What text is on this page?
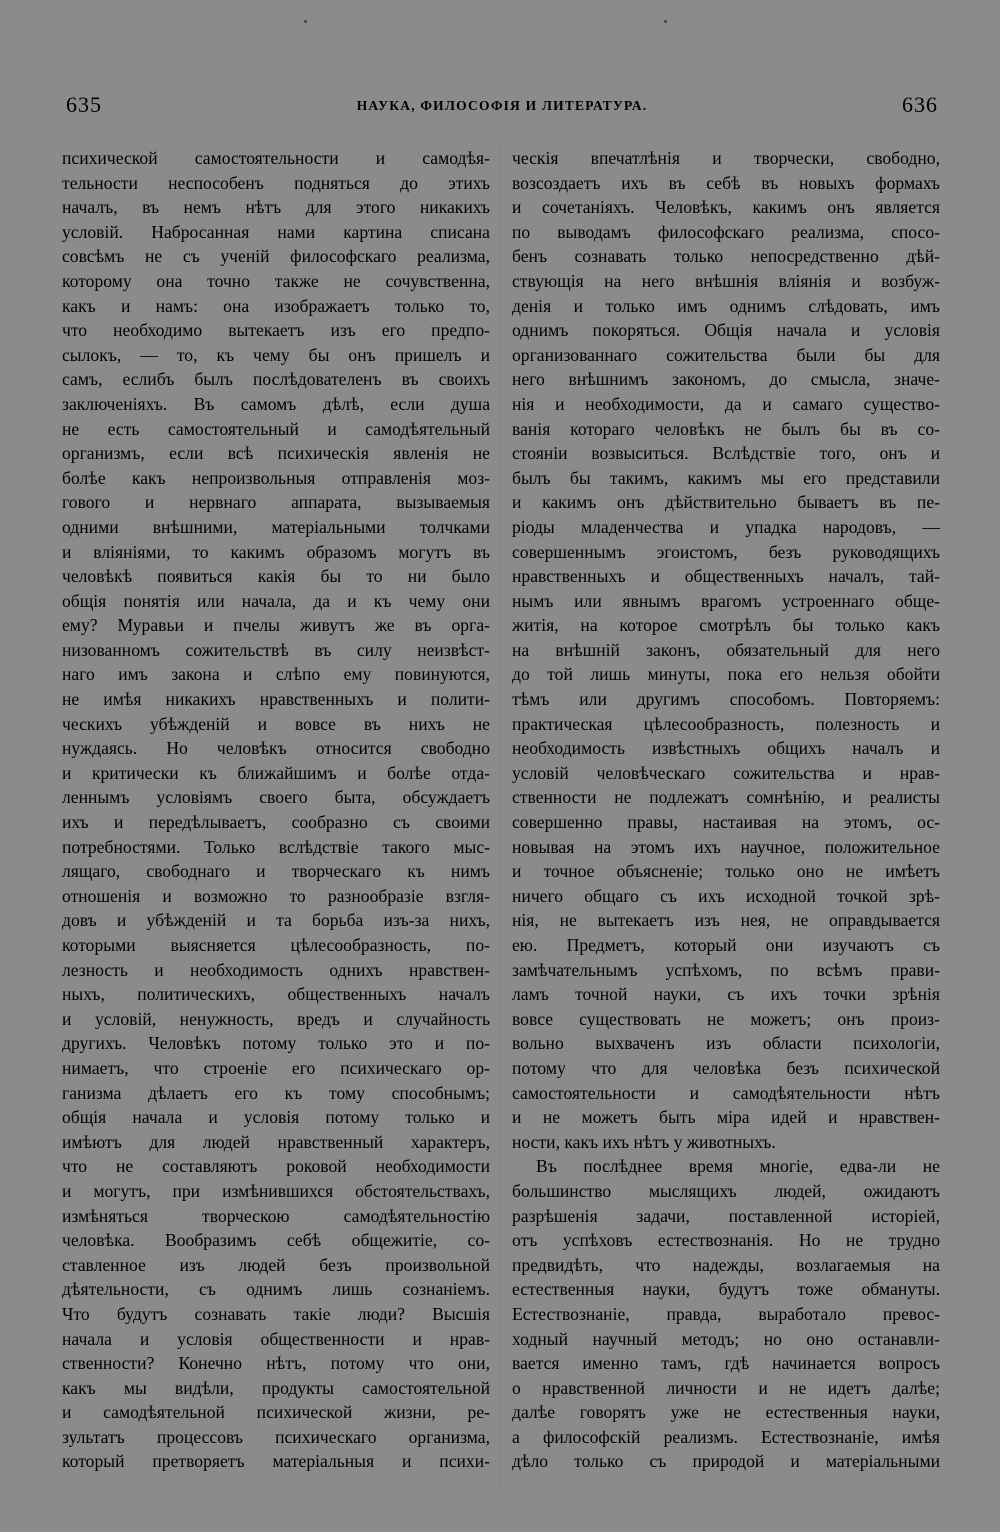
635	НАУКА, ФИЛОСОФІЯ И ЛИТЕРАТУРА.	636

психической самостоятельности и самодѣя-

тельности неспособенъ подняться до этихъ

началъ, въ немъ нѣтъ для этого никакихъ

условій. Набросанная нами картина списана

совсѣмъ не съ ученій философскаго реализма,

которому она точно также не сочувственна,

какъ и намъ: она изображаетъ только то,

что необходимо вытекаетъ изъ его предпо-

сылокъ, — то, къ чему бы онъ пришелъ и

самъ, еслибъ былъ послѣдователенъ въ своихъ

заключеніяхъ. Въ самомъ дѣлѣ, если душа

не есть самостоятельный и самодѣятельный

организмъ, если всѣ психическія явленія не

болѣе какъ непроизвольныя отправленія моз-

гового и нервнаго аппарата, вызываемыя

одними внѣшними, матеріальными толчками

и вліяніями, то какимъ образомъ могутъ въ

человѣкѣ появиться какія бы то ни было

общія понятія или начала, да и къ чему они

ему? Муравьи и пчелы живутъ же въ орга-

низованномъ сожительствѣ въ силу неизвѣст-

наго имъ закона и слѣпо ему повинуются,

не имѣя никакихъ нравственныхъ и полити-

ческихъ убѣжденій и вовсе въ нихъ не

нуждаясь. Но человѣкъ относится свободно

и критически къ ближайшимъ и болѣе отда-

леннымъ условіямъ своего быта, обсуждаетъ

ихъ и передѣлываетъ, сообразно съ своими

потребностями. Только вслѣдствіе такого мыс-

лящаго, свободнаго и творческаго къ нимъ

отношенія и возможно то разнообразіе взгля-

довъ и убѣжденій и та борьба изъ-за нихъ,

которыми выясняется цѣлесообразность, по-

лезность и необходимость однихъ нравствен-

ныхъ, политическихъ, общественныхъ началъ

и условій, ненужность, вредъ и случайность

другихъ. Человѣкъ потому только это и по-

нимаетъ, что строеніе его психическаго ор-

ганизма дѣлаетъ его къ тому способнымъ;

общія начала и условія потому только и

имѣютъ для людей нравственный характеръ,

что не составляютъ роковой необходимости

и могутъ, при измѣнившихся обстоятельствахъ,

измѣняться творческою самодѣятельностію

человѣка. Вообразимъ себѣ общежитіе, со-

ставленное изъ людей безъ произвольной

дѣятельности, съ однимъ лишь сознаніемъ.

Что будутъ сознавать такіе люди? Высшія

начала и условія общественности и нрав-

ственности? Конечно нѣтъ, потому что они,

какъ мы видѣли, продукты самостоятельной

и самодѣятельной психической жизни, ре-

зультатъ процессовъ психическаго организма,

который претворяетъ матеріальныя и психи-

ческія впечатлѣнія и творчески, свободно,

возсоздаетъ ихъ въ себѣ въ новыхъ формахъ

и сочетаніяхъ. Человѣкъ, какимъ онъ является

по выводамъ философскаго реализма, спосо-

бенъ сознавать только непосредственно дѣй-

ствующія на него внѣшнія вліянія и возбуж-

денія и только имъ однимъ слѣдовать, имъ

однимъ покоряться. Общія начала и условія

организованнаго сожительства были бы для

него внѣшнимъ закономъ, до смысла, значе-

нія и необходимости, да и самаго существо-

ванія котораго человѣкъ не былъ бы въ со-

стояніи возвыситься. Вслѣдствіе того, онъ и

былъ бы такимъ, какимъ мы его представили

и какимъ онъ дѣйствительно бываетъ въ пе-

ріоды младенчества и упадка народовъ, —

совершеннымъ эгоистомъ, безъ руководящихъ

нравственныхъ и общественныхъ началъ, тай-

нымъ или явнымъ врагомъ устроеннаго обще-

житія, на которое смотрѣлъ бы только какъ

на внѣшній законъ, обязательный для него

до той лишь минуты, пока его нельзя обойти

тѣмъ или другимъ способомъ. Повторяемъ:

практическая цѣлесообразность, полезность и

необходимость извѣстныхъ общихъ началъ и

условій человѣческаго сожительства и нрав-

ственности не подлежатъ сомнѣнію, и реалисты

совершенно правы, настаивая на этомъ, ос-

новывая на этомъ ихъ научное, положительное

и точное объясненіе; только оно не имѣетъ

ничего общаго съ ихъ исходной точкой зрѣ-

нія, не вытекаетъ изъ нея, не оправдывается

ею. Предметъ, который они изучаютъ съ

замѣчательнымъ успѣхомъ, по всѣмъ прави-

ламъ точной науки, съ ихъ точки зрѣнія

вовсе существовать не можетъ; онъ произ-

вольно выхваченъ изъ области психологіи,

потому что для человѣка безъ психической

самостоятельности и самодѣятельности нѣтъ

и не можетъ быть міра идей и нравствен-

ности, какъ ихъ нѣтъ у животныхъ.

Въ послѣднее время многіе, едва-ли не

большинство мыслящихъ людей, ожидаютъ

разрѣшенія задачи, поставленной исторіей,

отъ успѣховъ естествознанія. Но не трудно

предвидѣть, что надежды, возлагаемыя на

естественныя науки, будутъ тоже обмануты.

Естествознаніе, правда, выработало превос-

ходный научный методъ; но оно останавли-

вается именно тамъ, гдѣ начинается вопросъ

о нравственной личности и не идетъ далѣе;

далѣе говорятъ уже не естественныя науки,

а философскій реализмъ. Естествознаніе, имѣя

дѣло только съ природой и матеріальными
